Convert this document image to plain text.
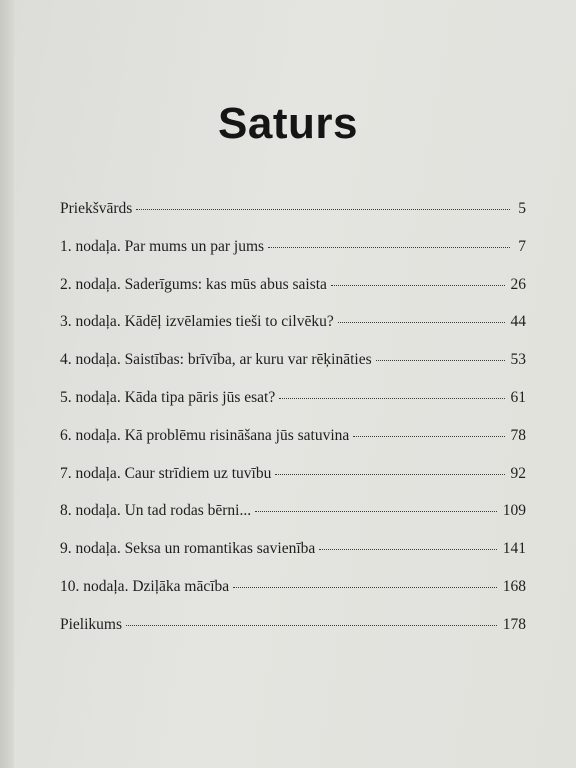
Saturs
Priekšvārds	5
1. nodaļa. Par mums un par jums	7
2. nodaļa. Saderīgums: kas mūs abus saista	26
3. nodaļa. Kādēļ izvēlamies tieši to cilvēku?	44
4. nodaļa. Saistības: brīvība, ar kuru var rēķināties	53
5. nodaļa. Kāda tipa pāris jūs esat?	61
6. nodaļa. Kā problēmu risināšana jūs satuvina	78
7. nodaļa. Caur strīdiem uz tuvību	92
8. nodaļa. Un tad rodas bērni...	109
9. nodaļa. Seksa un romantikas savienība	141
10. nodaļa. Dziļāka mācība	168
Pielikums	178
